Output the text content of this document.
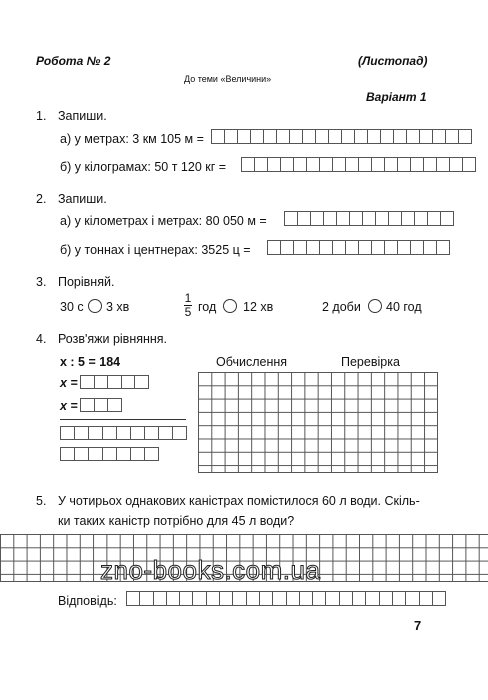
Робота № 2	(Листопад)
До теми «Величини»
Варіант 1
1. Запиши.
а) у метрах: 3 км 105 м =
б) у кілограмах: 50 т 120 кг =
2. Запиши.
а) у кілометрах і метрах: 80 050 м =
б) у тоннах і центнерах: 3525 ц =
3. Порівняй.
30 с 3 хв
1
5 год 12 хв	2 доби 40 год
4. Розв'яжи рівняння.
x : 5 = 184	Обчислення	Перевірка
x =
x =
5. У чотирьох однакових каністрах помістилося 60 л води. Скіль-
ки таких каністр потрібно для 45 л води?
zno-books.com.ua
Відповідь:
7
